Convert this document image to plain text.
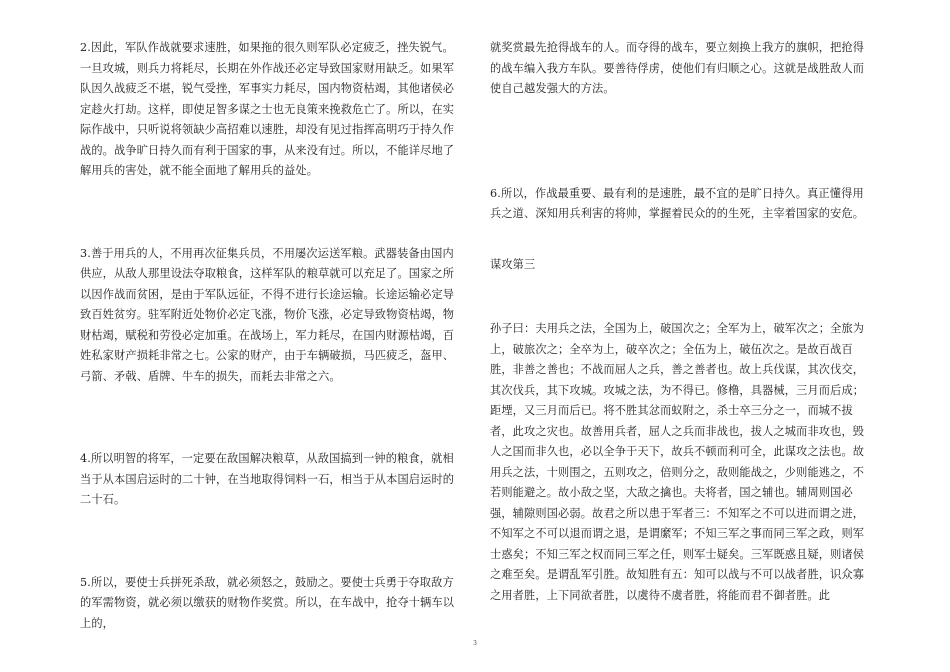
2.因此，军队作战就要求速胜，如果拖的很久则军队必定疲乏，挫失锐气。一旦攻城，则兵力将耗尽，长期在外作战还必定导致国家财用缺乏。如果军队因久战疲乏不堪，锐气受挫，军事实力耗尽，国内物资枯竭，其他诸侯必定趁火打劫。这样，即使足智多谋之士也无良策来挽救危亡了。所以，在实际作战中，只听说将领缺少高招难以速胜，却没有见过指挥高明巧于持久作战的。战争旷日持久而有利于国家的事，从来没有过。所以，不能详尽地了解用兵的害处，就不能全面地了解用兵的益处。

3.善于用兵的人，不用再次征集兵员，不用屡次运送军粮。武器装备由国内供应，从敌人那里设法夺取粮食，这样军队的粮草就可以充足了。国家之所以因作战而贫困，是由于军队远征，不得不进行长途运输。长途运输必定导致百姓贫穷。驻军附近处物价必定飞涨，物价飞涨，必定导致物资枯竭，物财枯竭，赋税和劳役必定加重。在战场上，军力耗尽，在国内财源枯竭，百姓私家财产损耗非常之七。公家的财产，由于车辆破损，马匹疲乏，盔甲、弓箭、矛戟、盾牌、牛车的损失，而耗去非常之六。

4.所以明智的将军，一定要在敌国解决粮草，从敌国搞到一钟的粮食，就相当于从本国启运时的二十钟，在当地取得饲料一石，相当于从本国启运时的二十石。

5.所以，要使士兵拼死杀敌，就必须怒之，鼓励之。要使士兵勇于夺取敌方的军需物资，就必须以缴获的财物作奖赏。所以，在车战中，抢夺十辆车以上的，

就奖赏最先抢得战车的人。而夺得的战车，要立刻换上我方的旗帜，把抢得的战车编入我方车队。要善待俘虏，使他们有归顺之心。这就是战胜敌人而使自己越发强大的方法。

6.所以，作战最重要、最有利的是速胜，最不宜的是旷日持久。真正懂得用兵之道、深知用兵利害的将帅，掌握着民众的的生死，主宰着国家的安危。

谋攻第三

孙子曰：夫用兵之法，全国为上，破国次之；全军为上，破军次之；全旅为上，破旅次之；全卒为上，破卒次之；全伍为上，破伍次之。是故百战百胜，非善之善也；不战而屈人之兵，善之善者也。故上兵伐谋，其次伐交，其次伐兵，其下攻城。攻城之法，为不得已。修橹，具器械，三月而后成；距堙，又三月而后已。将不胜其忿而蚁附之，杀士卒三分之一，而城不拔者，此攻之灾也。故善用兵者，屈人之兵而非战也，拔人之城而非攻也，毁人之国而非久也，必以全争于天下，故兵不顿而利可全，此谋攻之法也。故用兵之法，十则围之，五则攻之，倍则分之，敌则能战之，少则能逃之，不若则能避之。故小敌之坚，大敌之擒也。夫将者，国之辅也。辅周则国必强，辅隙则国必弱。故君之所以患于军者三：不知军之不可以进而谓之进，不知军之不可以退而谓之退，是谓縻军；不知三军之事而同三军之政，则军士惑矣；不知三军之权而同三军之任，则军士疑矣。三军既惑且疑，则诸侯之难至矣。是谓乱军引胜。故知胜有五：知可以战与不可以战者胜，识众寡之用者胜，上下同欲者胜，以虞待不虞者胜，将能而君不御者胜。此

3
